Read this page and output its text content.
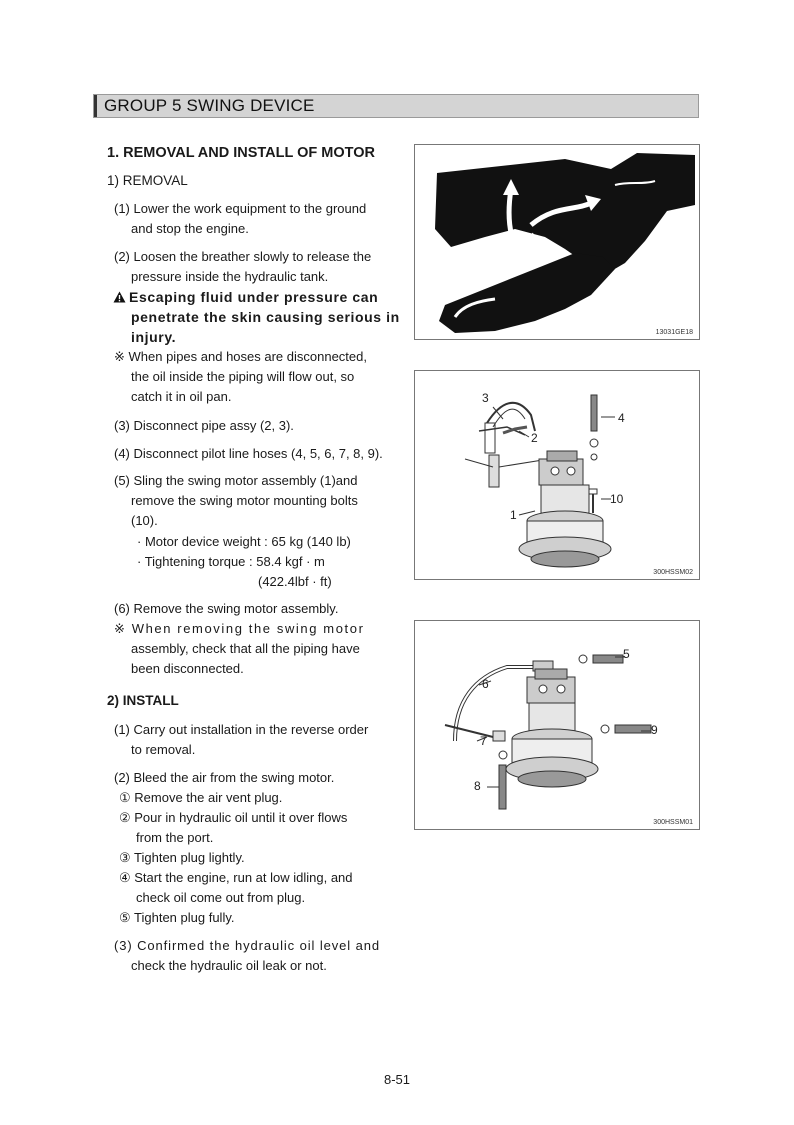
GROUP 5 SWING DEVICE
1. REMOVAL AND INSTALL OF MOTOR
1) REMOVAL
(1) Lower the work equipment to the ground
and stop the engine.
(2) Loosen the breather slowly to release the
pressure inside the hydraulic tank.
Escaping fluid under pressure can
penetrate the skin causing serious in
injury.
※ When pipes and hoses are disconnected,
the oil inside the piping will flow out, so
catch it in oil pan.
(3) Disconnect pipe assy (2, 3).
(4) Disconnect pilot line hoses (4, 5, 6, 7, 8, 9).
(5) Sling the swing motor assembly (1)and
remove the swing motor mounting bolts
(10).
· Motor device weight : 65 kg (140 lb)
· Tightening torque : 58.4 kgf · m
(422.4lbf · ft)
(6) Remove the swing motor assembly.
※ When removing the swing motor
assembly, check that all the piping have
been disconnected.
2) INSTALL
(1) Carry out installation in the reverse order
to removal.
(2) Bleed the air from the swing motor.
① Remove the air vent plug.
② Pour in hydraulic oil until it over flows
from the port.
③ Tighten plug lightly.
④ Start the engine, run at low idling, and
check oil come out from plug.
⑤ Tighten plug fully.
(3) Confirmed the hydraulic oil level and
check the hydraulic oil leak or not.
13031GE18
3
4
2
10
1
300HSSM02
5
6
7
9
8
300HSSM01
8-51
